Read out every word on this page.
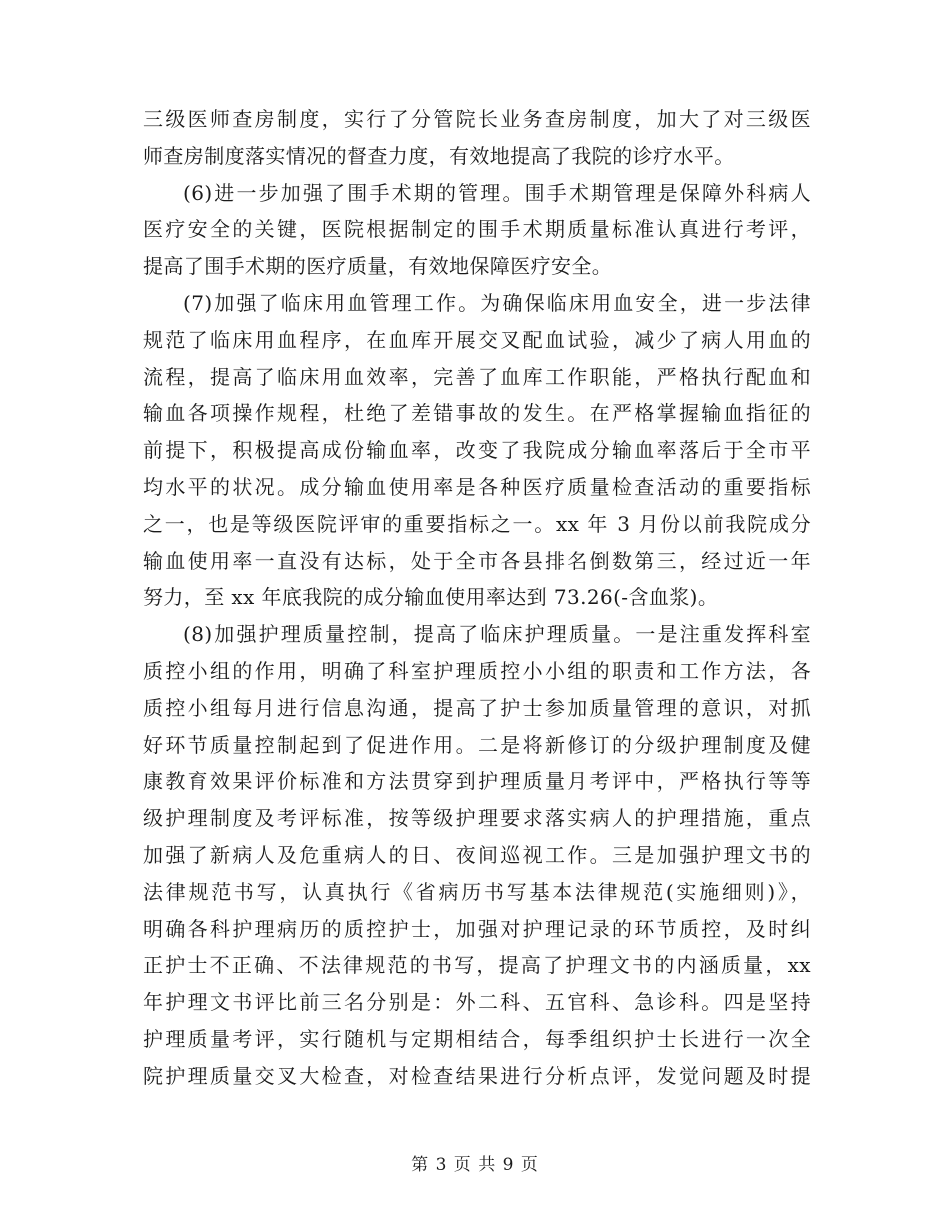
三级医师查房制度，实行了分管院长业务查房制度，加大了对三级医
师查房制度落实情况的督查力度，有效地提高了我院的诊疗水平。
(6)进一步加强了围手术期的管理。围手术期管理是保障外科病人
医疗安全的关键，医院根据制定的围手术期质量标准认真进行考评，
提高了围手术期的医疗质量，有效地保障医疗安全。
(7)加强了临床用血管理工作。为确保临床用血安全，进一步法律
规范了临床用血程序，在血库开展交叉配血试验，减少了病人用血的
流程，提高了临床用血效率，完善了血库工作职能，严格执行配血和
输血各项操作规程，杜绝了差错事故的发生。在严格掌握输血指征的
前提下，积极提高成份输血率，改变了我院成分输血率落后于全市平
均水平的状况。成分输血使用率是各种医疗质量检查活动的重要指标
之一，也是等级医院评审的重要指标之一。xx 年 3 月份以前我院成分
输血使用率一直没有达标，处于全市各县排名倒数第三，经过近一年
努力，至 xx 年底我院的成分输血使用率达到 73.26(-含血浆)。
(8)加强护理质量控制，提高了临床护理质量。一是注重发挥科室
质控小组的作用，明确了科室护理质控小小组的职责和工作方法，各
质控小组每月进行信息沟通，提高了护士参加质量管理的意识，对抓
好环节质量控制起到了促进作用。二是将新修订的分级护理制度及健
康教育效果评价标准和方法贯穿到护理质量月考评中，严格执行等等
级护理制度及考评标准，按等级护理要求落实病人的护理措施，重点
加强了新病人及危重病人的日、夜间巡视工作。三是加强护理文书的
法律规范书写，认真执行《省病历书写基本法律规范(实施细则)》，
明确各科护理病历的质控护士，加强对护理记录的环节质控，及时纠
正护士不正确、不法律规范的书写，提高了护理文书的内涵质量，xx
年护理文书评比前三名分别是：外二科、五官科、急诊科。四是坚持
护理质量考评，实行随机与定期相结合，每季组织护士长进行一次全
院护理质量交叉大检查，对检查结果进行分析点评，发觉问题及时提
第 3 页 共 9 页
